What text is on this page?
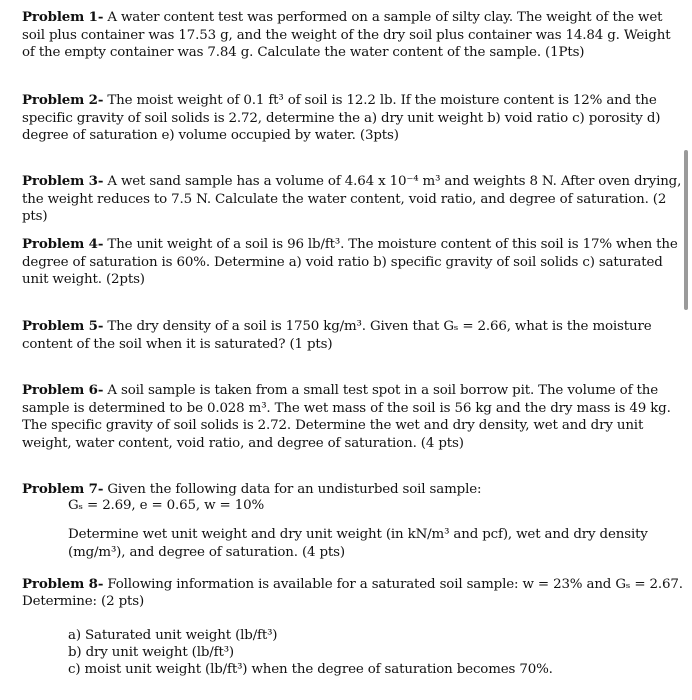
Problem 1- A water content test was performed on a sample of silty clay. The weight of the wet soil plus container was 17.53 g, and the weight of the dry soil plus container was 14.84 g. Weight of the empty container was 7.84 g. Calculate the water content of the sample. (1Pts)
Problem 2- The moist weight of 0.1 ft³ of soil is 12.2 lb. If the moisture content is 12% and the specific gravity of soil solids is 2.72, determine the a) dry unit weight b) void ratio c) porosity d) degree of saturation e) volume occupied by water. (3pts)
Problem 3- A wet sand sample has a volume of 4.64 x 10⁻⁴ m³ and weights 8 N. After oven drying, the weight reduces to 7.5 N. Calculate the water content, void ratio, and degree of saturation. (2 pts)
Problem 4- The unit weight of a soil is 96 lb/ft³. The moisture content of this soil is 17% when the degree of saturation is 60%. Determine a) void ratio b) specific gravity of soil solids c) saturated unit weight. (2pts)
Problem 5- The dry density of a soil is 1750 kg/m³. Given that Gₛ = 2.66, what is the moisture content of the soil when it is saturated? (1 pts)
Problem 6- A soil sample is taken from a small test spot in a soil borrow pit. The volume of the sample is determined to be 0.028 m³. The wet mass of the soil is 56 kg and the dry mass is 49 kg. The specific gravity of soil solids is 2.72. Determine the wet and dry density, wet and dry unit weight, water content, void ratio, and degree of saturation. (4 pts)
Problem 7- Given the following data for an undisturbed soil sample:
Gₛ = 2.69, e = 0.65, w = 10%
Determine wet unit weight and dry unit weight (in kN/m³ and pcf), wet and dry density (mg/m³), and degree of saturation. (4 pts)
Problem 8- Following information is available for a saturated soil sample: w = 23% and Gₛ = 2.67.
Determine: (2 pts)
a) Saturated unit weight (lb/ft³)
b) dry unit weight (lb/ft³)
c) moist unit weight (lb/ft³) when the degree of saturation becomes 70%.
